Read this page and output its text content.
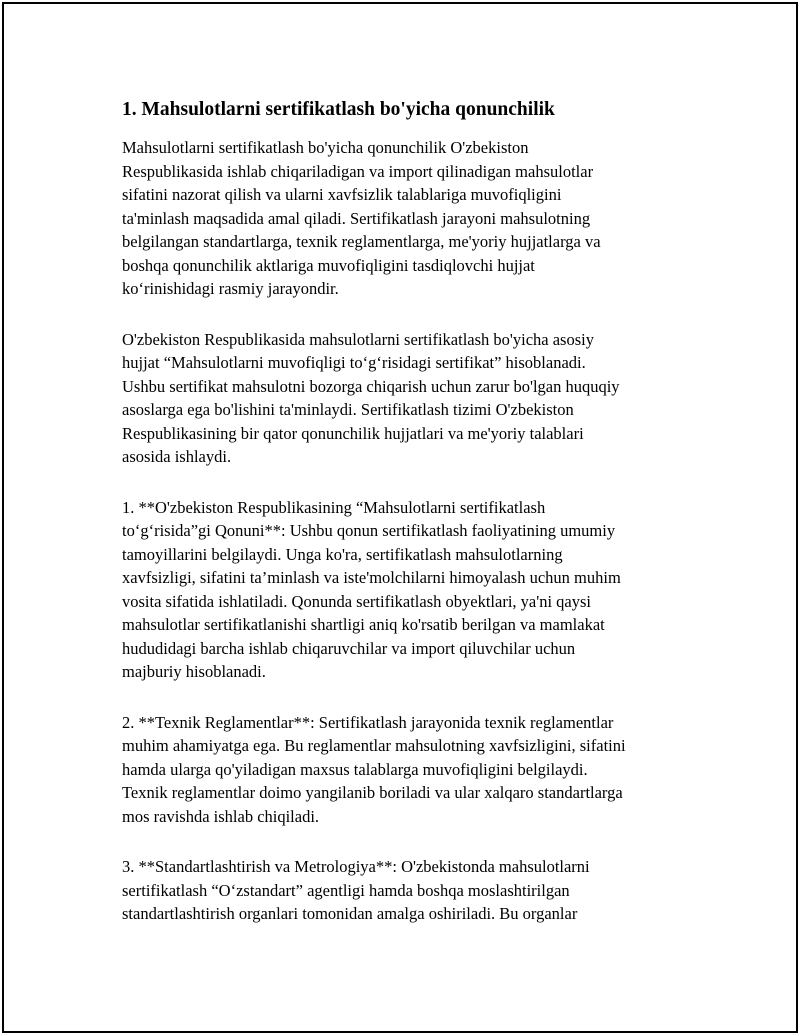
1. Mahsulotlarni sertifikatlash bo'yicha qonunchilik

Mahsulotlarni sertifikatlash bo'yicha qonunchilik O'zbekiston
Respublikasida ishlab chiqariladigan va import qilinadigan mahsulotlar
sifatini nazorat qilish va ularni xavfsizlik talablariga muvofiqligini
ta'minlash maqsadida amal qiladi. Sertifikatlash jarayoni mahsulotning
belgilangan standartlarga, texnik reglamentlarga, me'yoriy hujjatlarga va
boshqa qonunchilik aktlariga muvofiqligini tasdiqlovchi hujjat
ko‘rinishidagi rasmiy jarayondir.

O'zbekiston Respublikasida mahsulotlarni sertifikatlash bo'yicha asosiy
hujjat “Mahsulotlarni muvofiqligi to‘g‘risidagi sertifikat” hisoblanadi.
Ushbu sertifikat mahsulotni bozorga chiqarish uchun zarur bo'lgan huquqiy
asoslarga ega bo'lishini ta'minlaydi. Sertifikatlash tizimi O'zbekiston
Respublikasining bir qator qonunchilik hujjatlari va me'yoriy talablari
asosida ishlaydi.

1. **O'zbekiston Respublikasining “Mahsulotlarni sertifikatlash
to‘g‘risida”gi Qonuni**: Ushbu qonun sertifikatlash faoliyatining umumiy
tamoyillarini belgilaydi. Unga ko'ra, sertifikatlash mahsulotlarning
xavfsizligi, sifatini ta’minlash va iste'molchilarni himoyalash uchun muhim
vosita sifatida ishlatiladi. Qonunda sertifikatlash obyektlari, ya'ni qaysi
mahsulotlar sertifikatlanishi shartligi aniq ko'rsatib berilgan va mamlakat
hududidagi barcha ishlab chiqaruvchilar va import qiluvchilar uchun
majburiy hisoblanadi.

2. **Texnik Reglamentlar**: Sertifikatlash jarayonida texnik reglamentlar
muhim ahamiyatga ega. Bu reglamentlar mahsulotning xavfsizligini, sifatini
hamda ularga qo'yiladigan maxsus talablarga muvofiqligini belgilaydi.
Texnik reglamentlar doimo yangilanib boriladi va ular xalqaro standartlarga
mos ravishda ishlab chiqiladi.

3. **Standartlashtirish va Metrologiya**: O'zbekistonda mahsulotlarni
sertifikatlash “O‘zstandart” agentligi hamda boshqa moslashtirilgan
standartlashtirish organlari tomonidan amalga oshiriladi. Bu organlar
